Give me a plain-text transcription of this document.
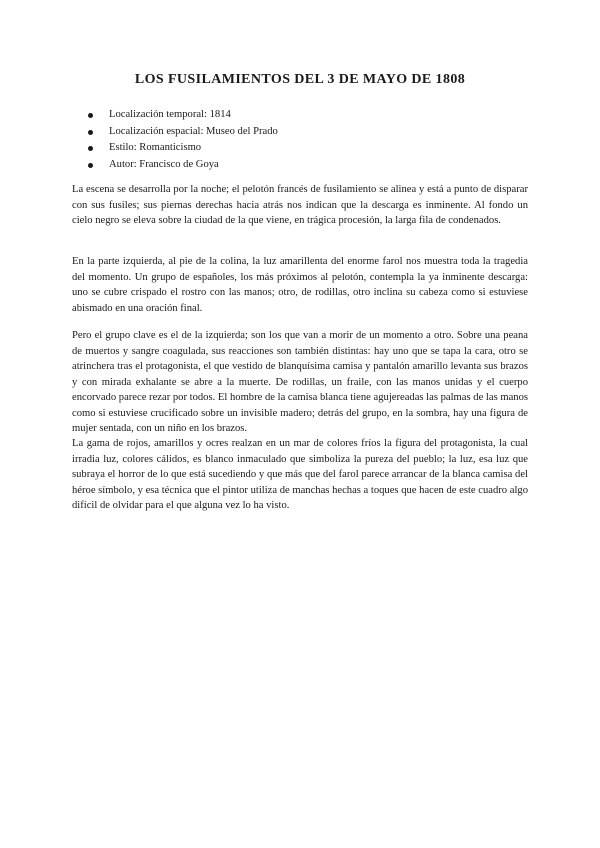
LOS FUSILAMIENTOS DEL 3 DE MAYO DE 1808
Localización temporal: 1814
Localización espacial: Museo del Prado
Estilo: Romanticismo
Autor: Francisco de Goya

La escena se desarrolla por la noche; el pelotón francés de fusilamiento se alinea y está a punto de disparar con sus fusiles; sus piernas derechas hacia atrás nos indican que la descarga es inminente. Al fondo un cielo negro se eleva sobre la ciudad de la que viene, en trágica procesión, la larga fila de condenados.

En la parte izquierda, al pie de la colina, la luz amarillenta del enorme farol nos muestra toda la tragedia del momento. Un grupo de españoles, los más próximos al pelotón, contempla la ya inminente descarga: uno se cubre crispado el rostro con las manos; otro, de rodillas, otro inclina su cabeza como si estuviese abismado en una oración final.

Pero el grupo clave es el de la izquierda; son los que van a morir de un momento a otro. Sobre una peana de muertos y sangre coagulada, sus reacciones son también distintas: hay uno que se tapa la cara, otro se atrinchera tras el protagonista, el que vestido de blanquísima camisa y pantalón amarillo levanta sus brazos y con mirada exhalante se abre a la muerte. De rodillas, un fraile, con las manos unidas y el cuerpo encorvado parece rezar por todos. El hombre de la camisa blanca tiene agujereadas las palmas de las manos como si estuviese crucificado sobre un invisible madero; detrás del grupo, en la sombra, hay una figura de mujer sentada, con un niño en los brazos.

La gama de rojos, amarillos y ocres realzan en un mar de colores fríos la figura del protagonista, la cual irradia luz, colores cálidos, es blanco inmaculado que simboliza la pureza del pueblo; la luz, esa luz que subraya el horror de lo que está sucediendo y que más que del farol parece arrancar de la blanca camisa del héroe símbolo, y esa técnica que el pintor utiliza de manchas hechas a toques que hacen de este cuadro algo difícil de olvidar para el que alguna vez lo ha visto.
